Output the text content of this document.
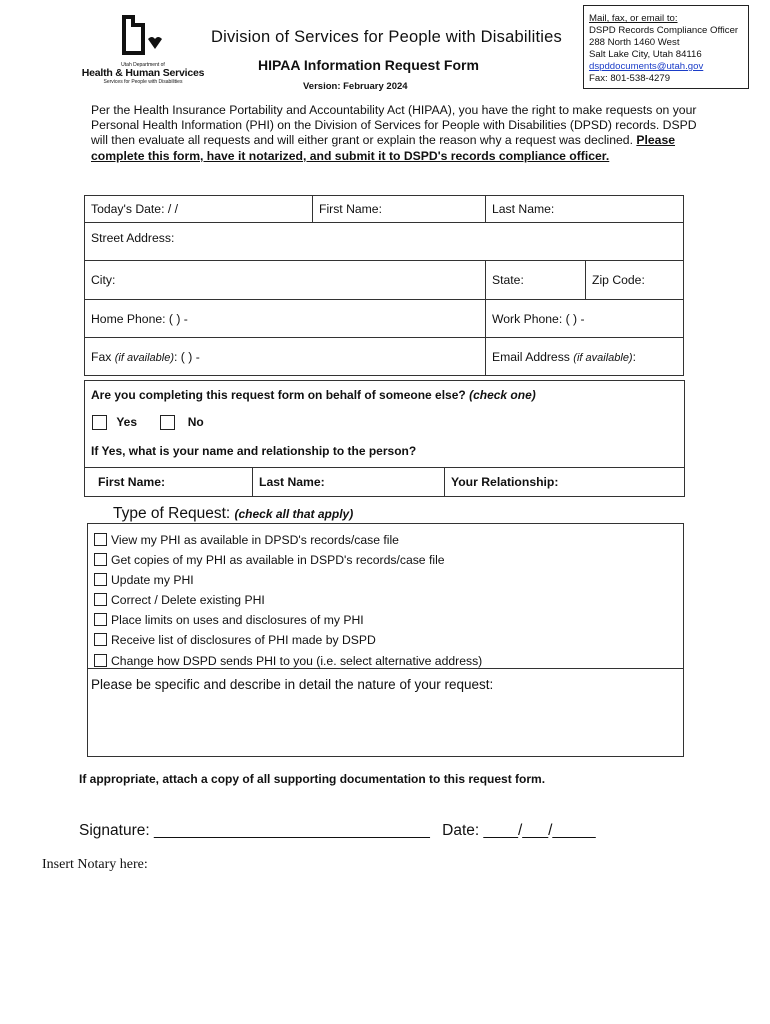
Utah Department of
Health & Human Services
Services for People with Disabilities
Division of Services for People with Disabilities
HIPAA Information Request Form
Version: February 2024
Mail, fax, or email to:
DSPD Records Compliance Officer
288 North 1460 West
Salt Lake City, Utah 84116
dspddocuments@utah.gov
Fax: 801-538-4279
Per the Health Insurance Portability and Accountability Act (HIPAA), you have the right to make requests on your Personal Health Information (PHI) on the Division of Services for People with Disabilities (DPSD) records. DSPD will then evaluate all requests and will either grant or explain the reason why a request was declined. Please complete this form, have it notarized, and submit it to DSPD's records compliance officer.
Today's Date: / /	First Name:	Last Name:
Street Address:
City:		State:	Zip Code:

Home Phone: ( ) -	Work Phone: ( ) -
Fax (if available): ( ) -	Email Address (if available):
Are you completing this request form on behalf of someone else? (check one)
Yes	No
If Yes, what is your name and relationship to the person?
First Name:	Last Name:	Your Relationship:
Type of Request: (check all that apply)
View my PHI as available in DPSD's records/case file
Get copies of my PHI as available in DSPD's records/case file
Update my PHI
Correct / Delete existing PHI
Place limits on uses and disclosures of my PHI
Receive list of disclosures of PHI made by DSPD
Change how DSPD sends PHI to you (i.e. select alternative address)
Please be specific and describe in detail the nature of your request:
If appropriate, attach a copy of all supporting documentation to this request form.
Signature: ________________________________ Date: ____/___/_____
Insert Notary here:
